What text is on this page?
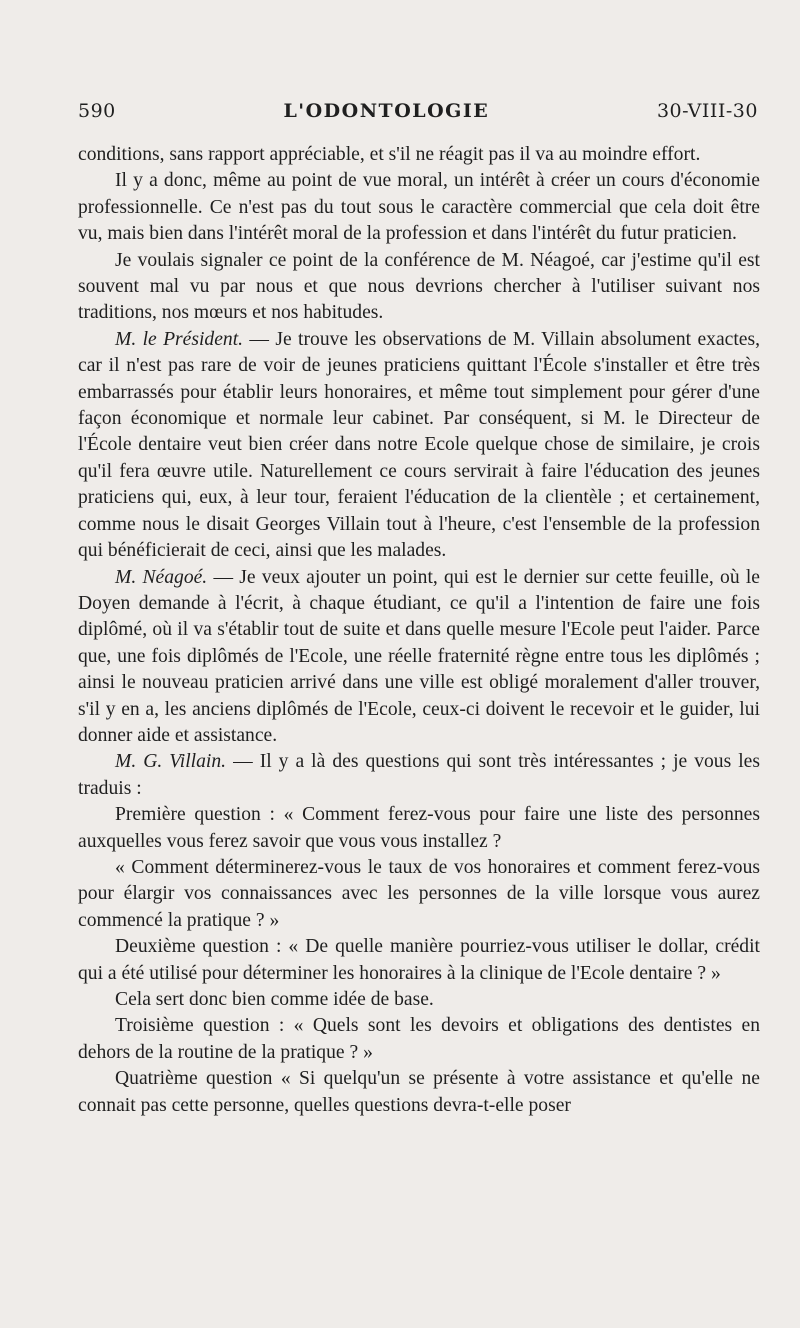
590	L'ODONTOLOGIE	30-VIII-30

conditions, sans rapport appréciable, et s'il ne réagit pas il va au moindre effort.

Il y a donc, même au point de vue moral, un intérêt à créer un cours d'économie professionnelle. Ce n'est pas du tout sous le caractère commercial que cela doit être vu, mais bien dans l'intérêt moral de la profession et dans l'intérêt du futur praticien.

Je voulais signaler ce point de la conférence de M. Néagoé, car j'estime qu'il est souvent mal vu par nous et que nous devrions chercher à l'utiliser suivant nos traditions, nos mœurs et nos habitudes.

M. le Président. — Je trouve les observations de M. Villain absolument exactes, car il n'est pas rare de voir de jeunes praticiens quittant l'École s'installer et être très embarrassés pour établir leurs honoraires, et même tout simplement pour gérer d'une façon économique et normale leur cabinet. Par conséquent, si M. le Directeur de l'École dentaire veut bien créer dans notre Ecole quelque chose de similaire, je crois qu'il fera œuvre utile. Naturellement ce cours servirait à faire l'éducation des jeunes praticiens qui, eux, à leur tour, feraient l'éducation de la clientèle ; et certainement, comme nous le disait Georges Villain tout à l'heure, c'est l'ensemble de la profession qui bénéficierait de ceci, ainsi que les malades.

M. Néagoé. — Je veux ajouter un point, qui est le dernier sur cette feuille, où le Doyen demande à l'écrit, à chaque étudiant, ce qu'il a l'intention de faire une fois diplômé, où il va s'établir tout de suite et dans quelle mesure l'Ecole peut l'aider. Parce que, une fois diplômés de l'Ecole, une réelle fraternité règne entre tous les diplômés ; ainsi le nouveau praticien arrivé dans une ville est obligé moralement d'aller trouver, s'il y en a, les anciens diplômés de l'Ecole, ceux-ci doivent le recevoir et le guider, lui donner aide et assistance.

M. G. Villain. — Il y a là des questions qui sont très intéressantes ; je vous les traduis :

Première question : « Comment ferez-vous pour faire une liste des personnes auxquelles vous ferez savoir que vous vous installez ?

« Comment déterminerez-vous le taux de vos honoraires et comment ferez-vous pour élargir vos connaissances avec les personnes de la ville lorsque vous aurez commencé la pratique ? »

Deuxième question : « De quelle manière pourriez-vous utiliser le dollar, crédit qui a été utilisé pour déterminer les honoraires à la clinique de l'Ecole dentaire ? »

Cela sert donc bien comme idée de base.

Troisième question : « Quels sont les devoirs et obligations des dentistes en dehors de la routine de la pratique ? »

Quatrième question « Si quelqu'un se présente à votre assistance et qu'elle ne connait pas cette personne, quelles questions devra-t-elle poser
